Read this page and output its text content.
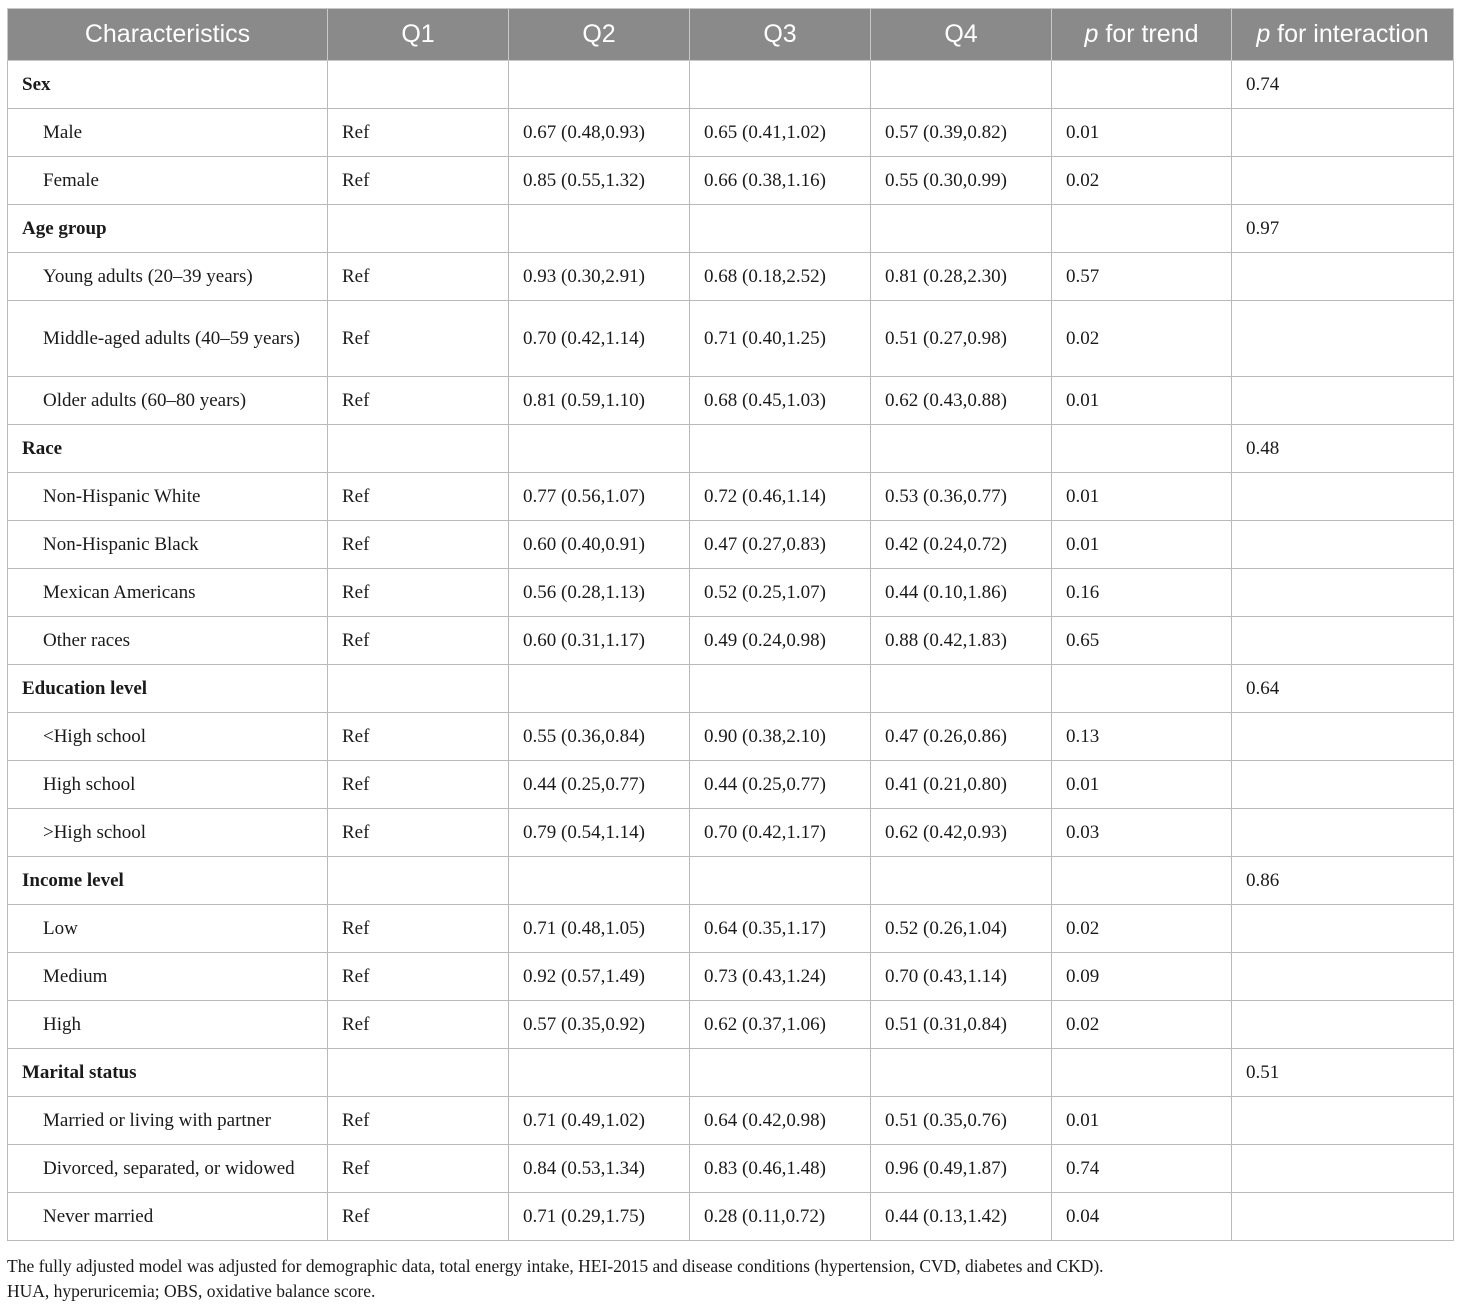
Characteristics	Q1	Q2	Q3	Q4	p for trend	p for interaction
Sex						0.74
Male	Ref	0.67 (0.48,0.93)	0.65 (0.41,1.02)	0.57 (0.39,0.82)	0.01	
Female	Ref	0.85 (0.55,1.32)	0.66 (0.38,1.16)	0.55 (0.30,0.99)	0.02	
Age group						0.97
Young adults (20–39 years)	Ref	0.93 (0.30,2.91)	0.68 (0.18,2.52)	0.81 (0.28,2.30)	0.57	
Middle-aged adults (40–59 years)	Ref	0.70 (0.42,1.14)	0.71 (0.40,1.25)	0.51 (0.27,0.98)	0.02	
Older adults (60–80 years)	Ref	0.81 (0.59,1.10)	0.68 (0.45,1.03)	0.62 (0.43,0.88)	0.01	
Race						0.48
Non-Hispanic White	Ref	0.77 (0.56,1.07)	0.72 (0.46,1.14)	0.53 (0.36,0.77)	0.01	
Non-Hispanic Black	Ref	0.60 (0.40,0.91)	0.47 (0.27,0.83)	0.42 (0.24,0.72)	0.01	
Mexican Americans	Ref	0.56 (0.28,1.13)	0.52 (0.25,1.07)	0.44 (0.10,1.86)	0.16	
Other races	Ref	0.60 (0.31,1.17)	0.49 (0.24,0.98)	0.88 (0.42,1.83)	0.65	
Education level						0.64
<High school	Ref	0.55 (0.36,0.84)	0.90 (0.38,2.10)	0.47 (0.26,0.86)	0.13	
High school	Ref	0.44 (0.25,0.77)	0.44 (0.25,0.77)	0.41 (0.21,0.80)	0.01	
>High school	Ref	0.79 (0.54,1.14)	0.70 (0.42,1.17)	0.62 (0.42,0.93)	0.03	
Income level						0.86
Low	Ref	0.71 (0.48,1.05)	0.64 (0.35,1.17)	0.52 (0.26,1.04)	0.02	
Medium	Ref	0.92 (0.57,1.49)	0.73 (0.43,1.24)	0.70 (0.43,1.14)	0.09	
High	Ref	0.57 (0.35,0.92)	0.62 (0.37,1.06)	0.51 (0.31,0.84)	0.02	
Marital status						0.51
Married or living with partner	Ref	0.71 (0.49,1.02)	0.64 (0.42,0.98)	0.51 (0.35,0.76)	0.01	
Divorced, separated, or widowed	Ref	0.84 (0.53,1.34)	0.83 (0.46,1.48)	0.96 (0.49,1.87)	0.74	
Never married	Ref	0.71 (0.29,1.75)	0.28 (0.11,0.72)	0.44 (0.13,1.42)	0.04	

The fully adjusted model was adjusted for demographic data, total energy intake, HEI-2015 and disease conditions (hypertension, CVD, diabetes and CKD).

HUA, hyperuricemia; OBS, oxidative balance score.
